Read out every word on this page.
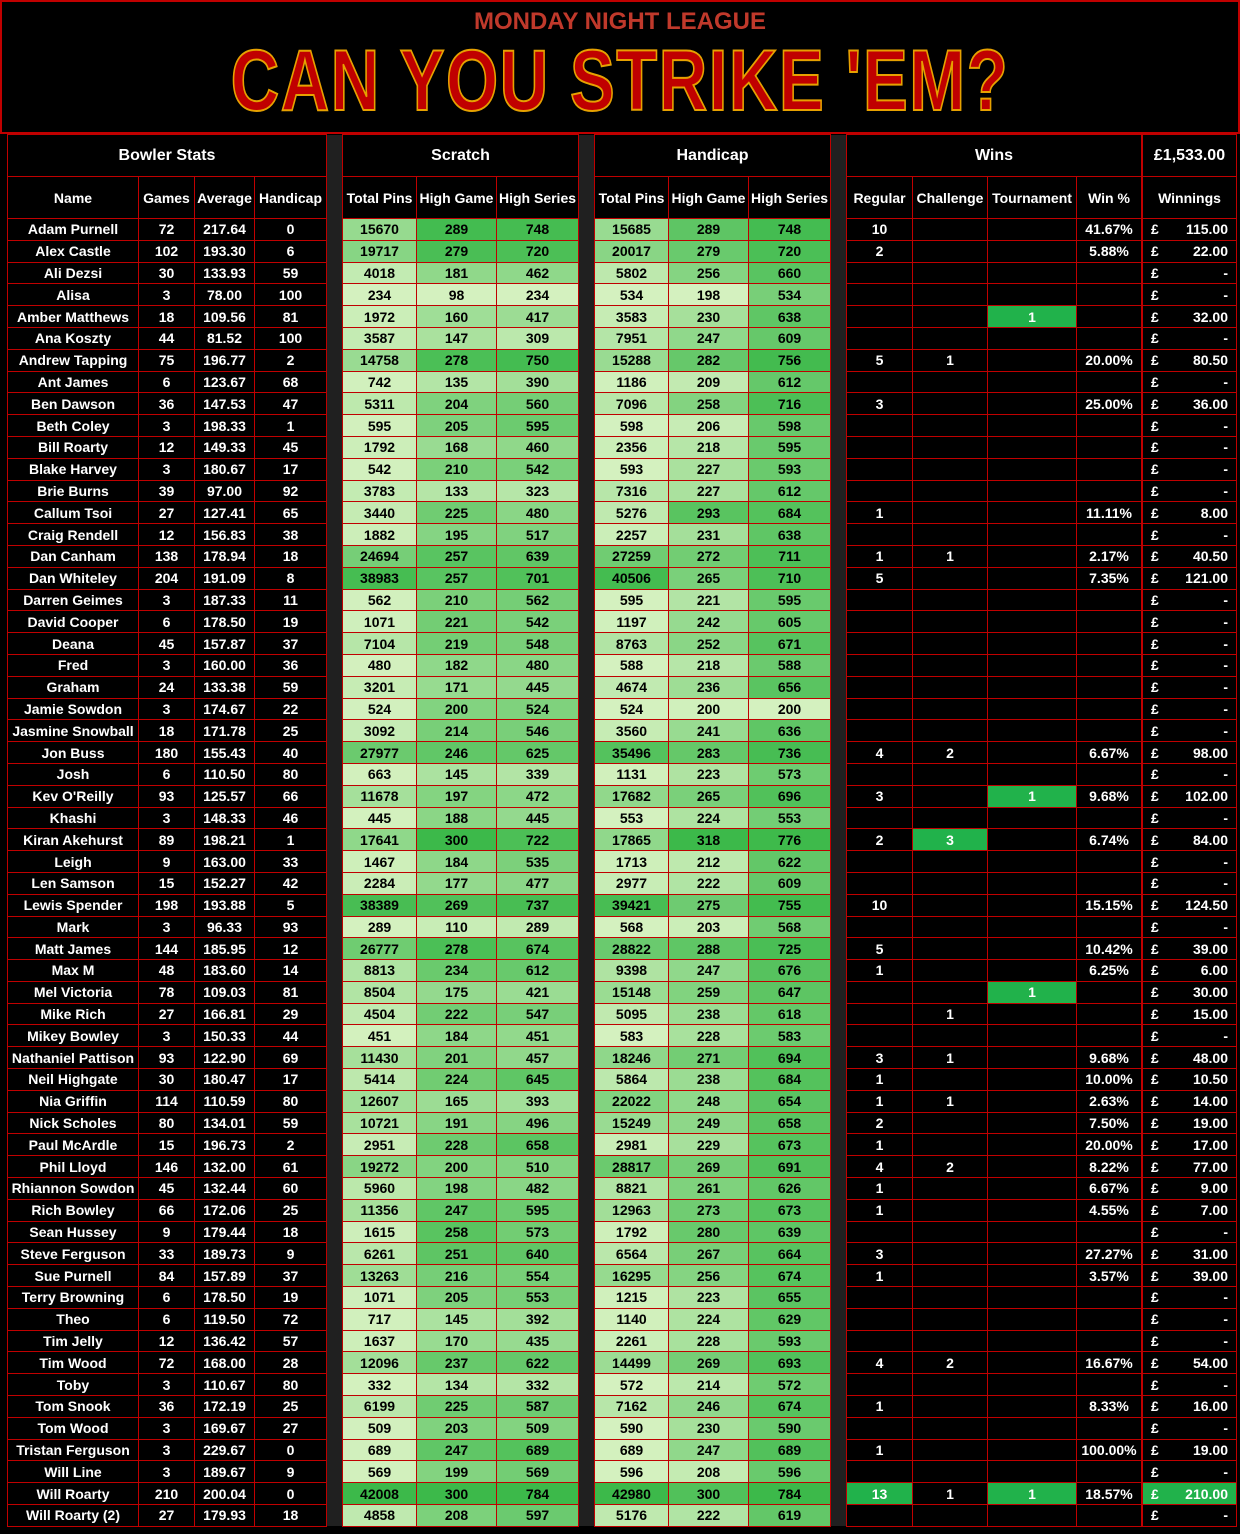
MONDAY NIGHT LEAGUE
CAN YOU STRIKE 'EM?
Bowler Stats					Scratch				Handicap				Wins				£1,533.00	
Name	Games	Average	Handicap		Total Pins	High Game	High Series		Total Pins	High Game	High Series		Regular	Challenge	Tournament	Win %		Winnings	
Adam Purnell	72	217.64	0		15670	289	748		15685	289	748		10			41.67%		£	115.00
Alex Castle	102	193.30	6		19717	279	720		20017	279	720		2			5.88%		£	22.00
Ali Dezsi	30	133.93	59		4018	181	462		5802	256	660							£	-
Alisa	3	78.00	100		234	98	234		534	198	534							£	-
Amber Matthews	18	109.56	81		1972	160	417		3583	230	638				1			£	32.00
Ana Koszty	44	81.52	100		3587	147	309		7951	247	609							£	-
Andrew Tapping	75	196.77	2		14758	278	750		15288	282	756		5	1		20.00%		£	80.50
Ant James	6	123.67	68		742	135	390		1186	209	612							£	-
Ben Dawson	36	147.53	47		5311	204	560		7096	258	716		3			25.00%		£	36.00
Beth Coley	3	198.33	1		595	205	595		598	206	598							£	-
Bill Roarty	12	149.33	45		1792	168	460		2356	218	595							£	-
Blake Harvey	3	180.67	17		542	210	542		593	227	593							£	-
Brie Burns	39	97.00	92		3783	133	323		7316	227	612							£	-
Callum Tsoi	27	127.41	65		3440	225	480		5276	293	684		1			11.11%		£	8.00
Craig Rendell	12	156.83	38		1882	195	517		2257	231	638							£	-
Dan Canham	138	178.94	18		24694	257	639		27259	272	711		1	1		2.17%		£	40.50
Dan Whiteley	204	191.09	8		38983	257	701		40506	265	710		5			7.35%		£	121.00
Darren Geimes	3	187.33	11		562	210	562		595	221	595							£	-
David Cooper	6	178.50	19		1071	221	542		1197	242	605							£	-
Deana	45	157.87	37		7104	219	548		8763	252	671							£	-
Fred	3	160.00	36		480	182	480		588	218	588							£	-
Graham	24	133.38	59		3201	171	445		4674	236	656							£	-
Jamie Sowdon	3	174.67	22		524	200	524		524	200	200							£	-
Jasmine Snowball	18	171.78	25		3092	214	546		3560	241	636							£	-
Jon Buss	180	155.43	40		27977	246	625		35496	283	736		4	2		6.67%		£	98.00
Josh	6	110.50	80		663	145	339		1131	223	573							£	-
Kev O'Reilly	93	125.57	66		11678	197	472		17682	265	696		3		1	9.68%		£	102.00
Khashi	3	148.33	46		445	188	445		553	224	553							£	-
Kiran Akehurst	89	198.21	1		17641	300	722		17865	318	776		2	3		6.74%		£	84.00
Leigh	9	163.00	33		1467	184	535		1713	212	622							£	-
Len Samson	15	152.27	42		2284	177	477		2977	222	609							£	-
Lewis Spender	198	193.88	5		38389	269	737		39421	275	755		10			15.15%		£	124.50
Mark	3	96.33	93		289	110	289		568	203	568							£	-
Matt James	144	185.95	12		26777	278	674		28822	288	725		5			10.42%		£	39.00
Max M	48	183.60	14		8813	234	612		9398	247	676		1			6.25%		£	6.00
Mel Victoria	78	109.03	81		8504	175	421		15148	259	647				1			£	30.00
Mike Rich	27	166.81	29		4504	222	547		5095	238	618			1				£	15.00
Mikey Bowley	3	150.33	44		451	184	451		583	228	583							£	-
Nathaniel Pattison	93	122.90	69		11430	201	457		18246	271	694		3	1		9.68%		£	48.00
Neil Highgate	30	180.47	17		5414	224	645		5864	238	684		1			10.00%		£	10.50
Nia Griffin	114	110.59	80		12607	165	393		22022	248	654		1	1		2.63%		£	14.00
Nick Scholes	80	134.01	59		10721	191	496		15249	249	658		2			7.50%		£	19.00
Paul McArdle	15	196.73	2		2951	228	658		2981	229	673		1			20.00%		£	17.00
Phil Lloyd	146	132.00	61		19272	200	510		28817	269	691		4	2		8.22%		£	77.00
Rhiannon Sowdon	45	132.44	60		5960	198	482		8821	261	626		1			6.67%		£	9.00
Rich Bowley	66	172.06	25		11356	247	595		12963	273	673		1			4.55%		£	7.00
Sean Hussey	9	179.44	18		1615	258	573		1792	280	639							£	-
Steve Ferguson	33	189.73	9		6261	251	640		6564	267	664		3			27.27%		£	31.00
Sue Purnell	84	157.89	37		13263	216	554		16295	256	674		1			3.57%		£	39.00
Terry Browning	6	178.50	19		1071	205	553		1215	223	655							£	-
Theo	6	119.50	72		717	145	392		1140	224	629							£	-
Tim Jelly	12	136.42	57		1637	170	435		2261	228	593							£	-
Tim Wood	72	168.00	28		12096	237	622		14499	269	693		4	2		16.67%		£	54.00
Toby	3	110.67	80		332	134	332		572	214	572							£	-
Tom Snook	36	172.19	25		6199	225	587		7162	246	674		1			8.33%		£	16.00
Tom Wood	3	169.67	27		509	203	509		590	230	590							£	-
Tristan Ferguson	3	229.67	0		689	247	689		689	247	689		1			100.00%		£	19.00
Will Line	3	189.67	9		569	199	569		596	208	596							£	-
Will Roarty	210	200.04	0		42008	300	784		42980	300	784		13	1	1	18.57%		£	210.00
Will Roarty (2)	27	179.93	18		4858	208	597		5176	222	619							£	-
